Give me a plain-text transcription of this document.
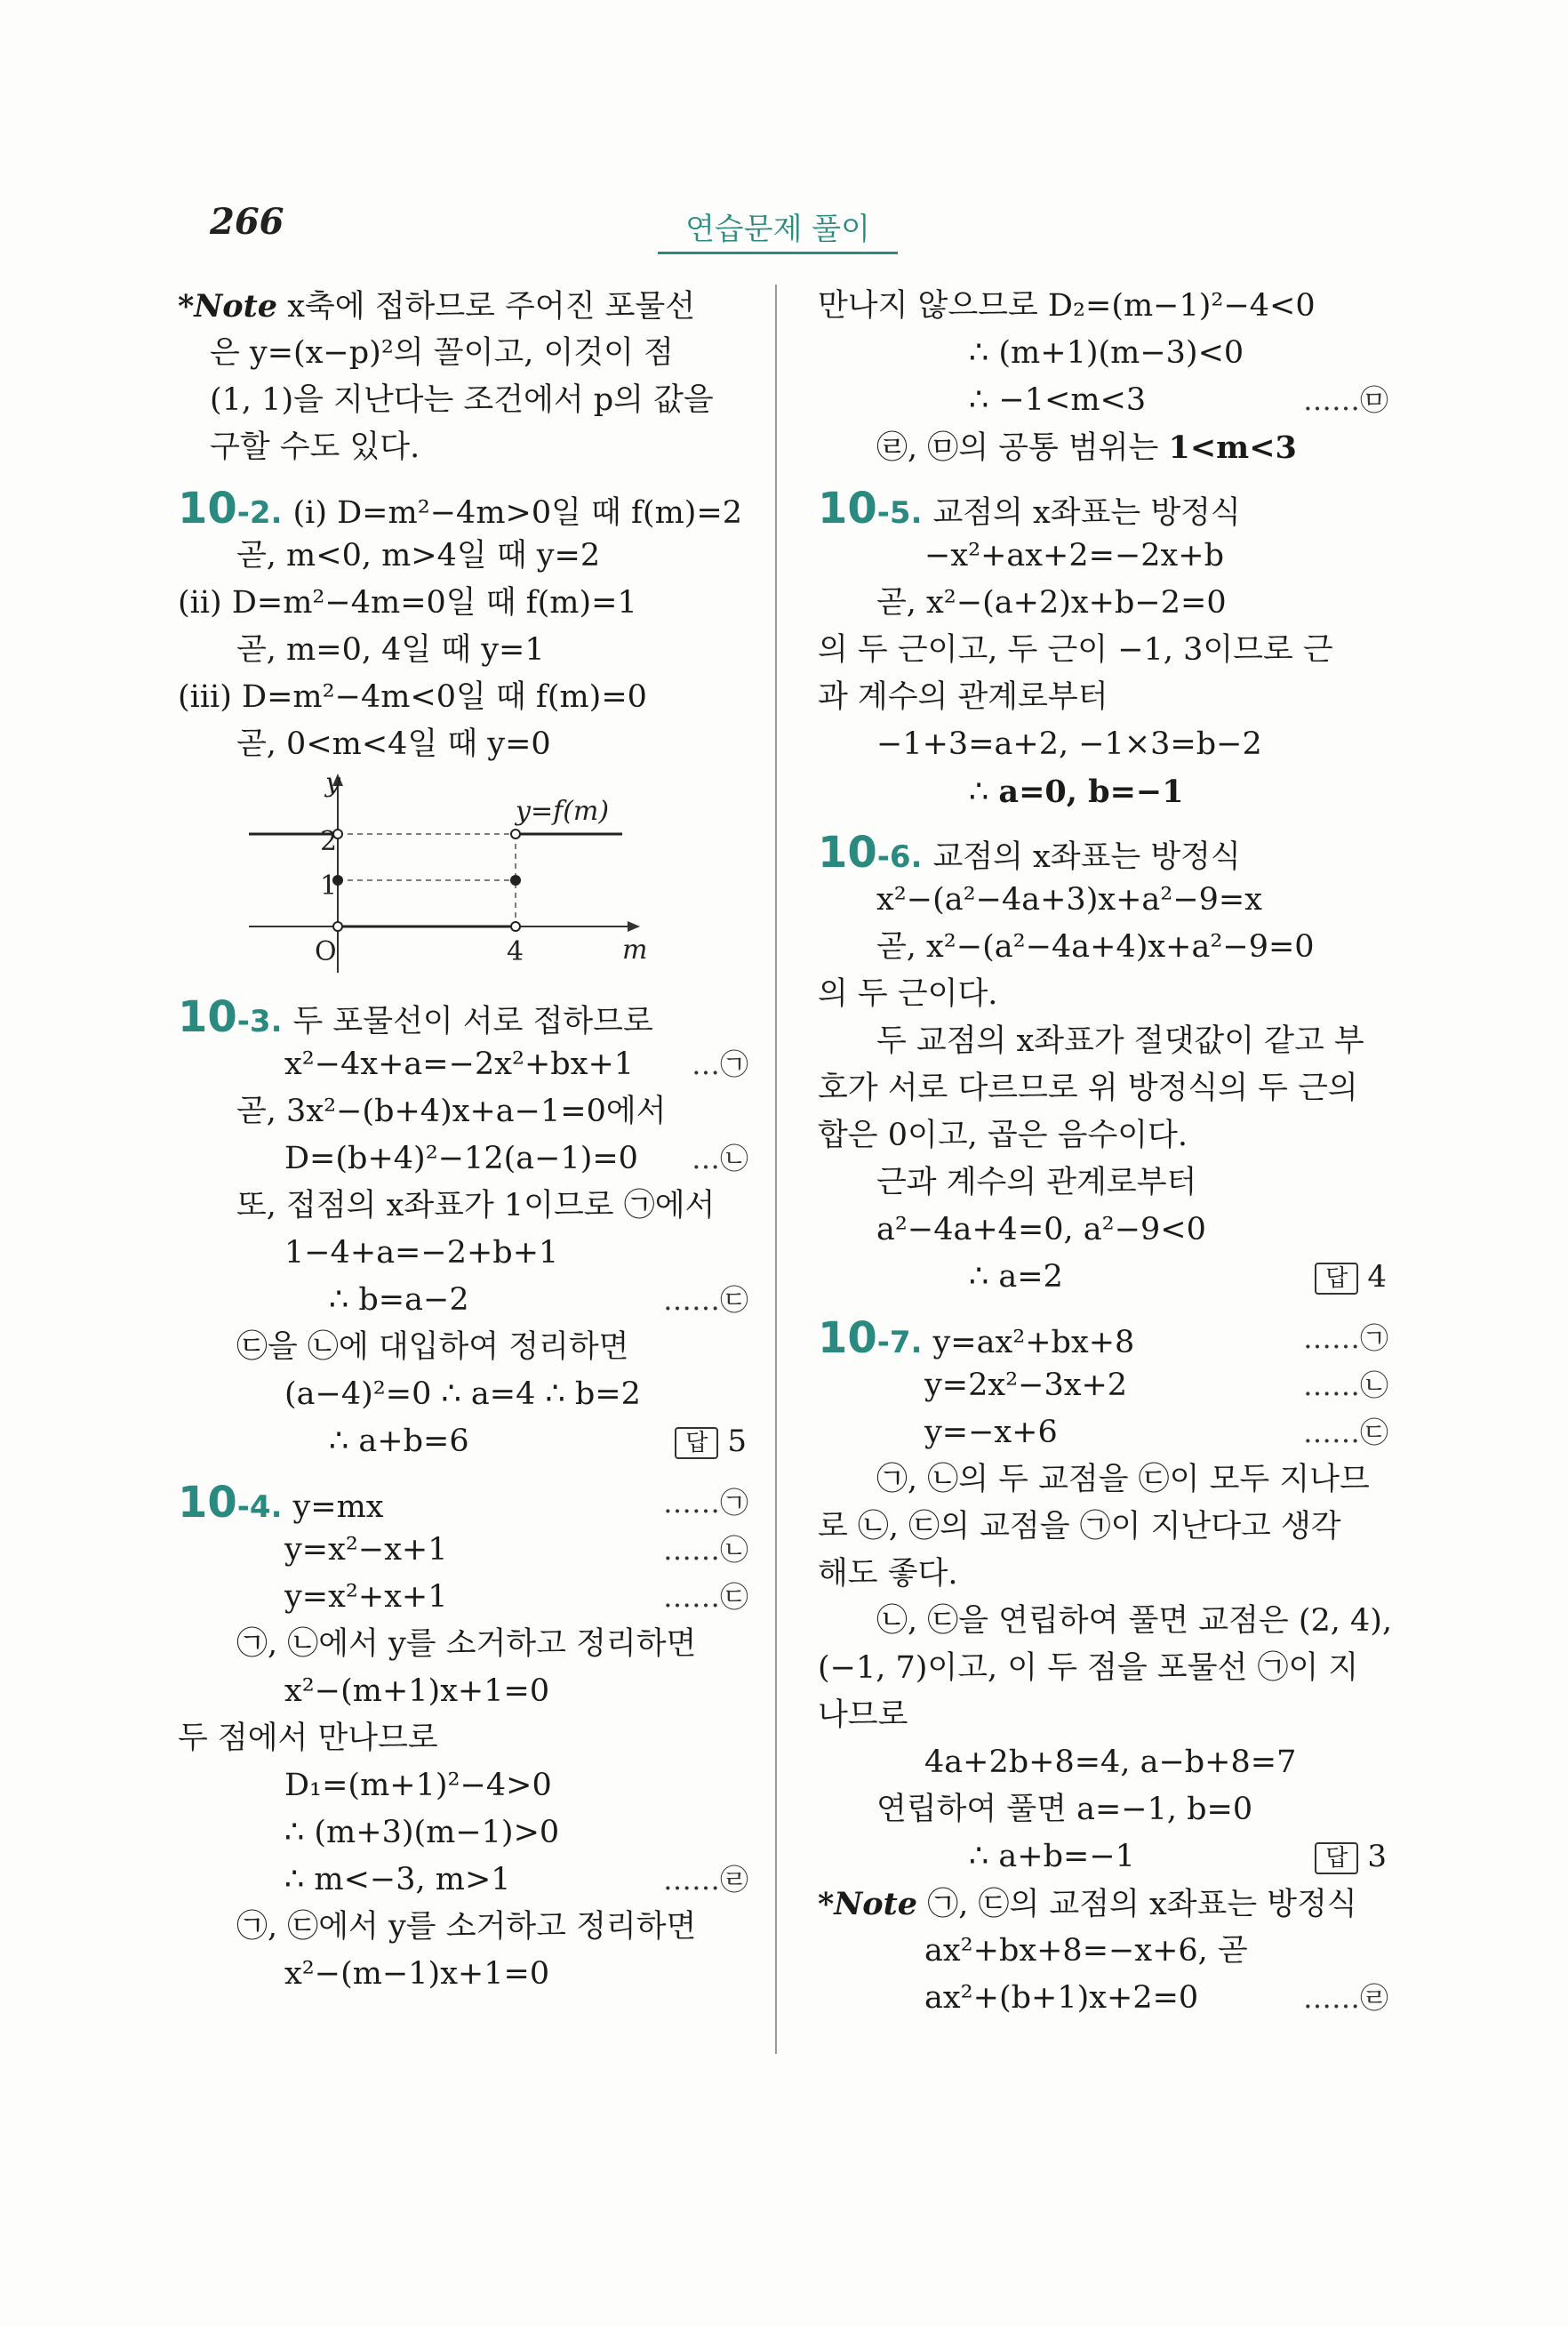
266	연습문제 풀이
*Note x축에 접하므로 주어진 포물선
은 y=(x−p)²의 꼴이고, 이것이 점
(1, 1)을 지난다는 조건에서 p의 값을
구할 수도 있다.
10-2. (ⅰ) D=m²−4m>0일 때 f(m)=2
곧, m<0, m>4일 때 y=2
(ⅱ) D=m²−4m=0일 때 f(m)=1
곧, m=0, 4일 때 y=1
(ⅲ) D=m²−4m<0일 때 f(m)=0
곧, 0<m<4일 때 y=0
y
m
O
2
1
4
y=f(m)
10-3. 두 포물선이 서로 접하므로
x²−4x+a=−2x²+bx+1 …㉠
곧, 3x²−(b+4)x+a−1=0에서
D=(b+4)²−12(a−1)=0 …㉡
또, 접점의 x좌표가 1이므로 ㉠에서
1−4+a=−2+b+1
∴ b=a−2	……㉢
㉢을 ㉡에 대입하여 정리하면
(a−4)²=0 ∴ a=4 ∴ b=2
∴ a+b=6	답 5
10-4. y=mx	……㉠
y=x²−x+1	……㉡
y=x²+x+1	……㉢
㉠, ㉡에서 y를 소거하고 정리하면
x²−(m+1)x+1=0
두 점에서 만나므로
D₁=(m+1)²−4>0
∴ (m+3)(m−1)>0
∴ m<−3, m>1	……㉣
㉠, ㉢에서 y를 소거하고 정리하면
x²−(m−1)x+1=0
만나지 않으므로 D₂=(m−1)²−4<0
∴ (m+1)(m−3)<0
∴ −1<m<3	……㉤
㉣, ㉤의 공통 범위는 1<m<3
10-5. 교점의 x좌표는 방정식
−x²+ax+2=−2x+b
곧, x²−(a+2)x+b−2=0
의 두 근이고, 두 근이 −1, 3이므로 근
과 계수의 관계로부터
−1+3=a+2, −1×3=b−2
∴ a=0, b=−1
10-6. 교점의 x좌표는 방정식
x²−(a²−4a+3)x+a²−9=x
곧, x²−(a²−4a+4)x+a²−9=0
의 두 근이다.
두 교점의 x좌표가 절댓값이 같고 부
호가 서로 다르므로 위 방정식의 두 근의
합은 0이고, 곱은 음수이다.
근과 계수의 관계로부터
a²−4a+4=0, a²−9<0
∴ a=2	답 4
10-7. y=ax²+bx+8	……㉠
y=2x²−3x+2	……㉡
y=−x+6	……㉢
㉠, ㉡의 두 교점을 ㉢이 모두 지나므
로 ㉡, ㉢의 교점을 ㉠이 지난다고 생각
해도 좋다.
㉡, ㉢을 연립하여 풀면 교점은 (2, 4),
(−1, 7)이고, 이 두 점을 포물선 ㉠이 지
나므로
4a+2b+8=4, a−b+8=7
연립하여 풀면 a=−1, b=0
∴ a+b=−1	답 3
*Note ㉠, ㉢의 교점의 x좌표는 방정식
ax²+bx+8=−x+6, 곧
ax²+(b+1)x+2=0	……㉣
